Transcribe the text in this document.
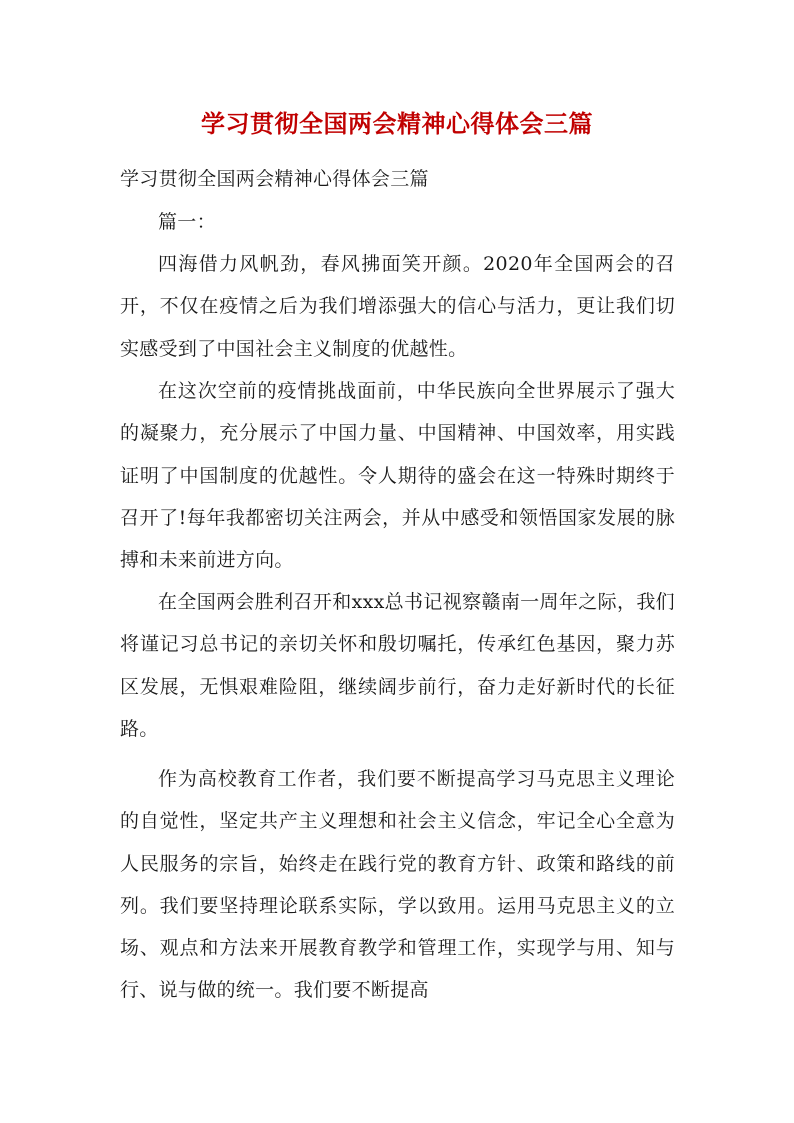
学习贯彻全国两会精神心得体会三篇

学习贯彻全国两会精神心得体会三篇

篇一：

四海借力风帆劲，春风拂面笑开颜。2020年全国两会的召开，不仅在疫情之后为我们增添强大的信心与活力，更让我们切实感受到了中国社会主义制度的优越性。

在这次空前的疫情挑战面前，中华民族向全世界展示了强大的凝聚力，充分展示了中国力量、中国精神、中国效率，用实践证明了中国制度的优越性。令人期待的盛会在这一特殊时期终于召开了!每年我都密切关注两会，并从中感受和领悟国家发展的脉搏和未来前进方向。

在全国两会胜利召开和xxx总书记视察赣南一周年之际，我们将谨记习总书记的亲切关怀和殷切嘱托，传承红色基因，聚力苏区发展，无惧艰难险阻，继续阔步前行，奋力走好新时代的长征路。

作为高校教育工作者，我们要不断提高学习马克思主义理论的自觉性，坚定共产主义理想和社会主义信念，牢记全心全意为人民服务的宗旨，始终走在践行党的教育方针、政策和路线的前列。我们要坚持理论联系实际，学以致用。运用马克思主义的立场、观点和方法来开展教育教学和管理工作，实现学与用、知与行、说与做的统一。我们要不断提高
